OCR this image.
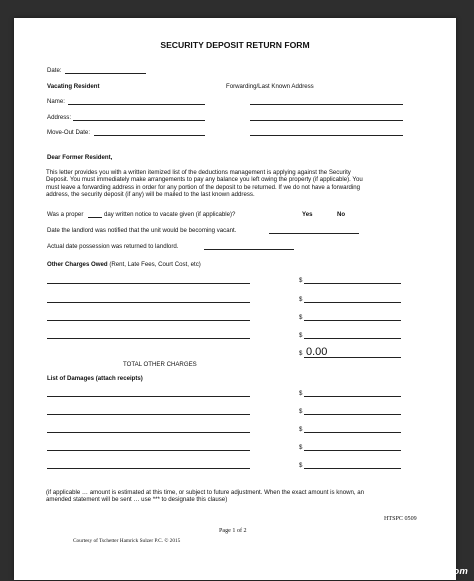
SECURITY DEPOSIT RETURN FORM
Date:
Vacating Resident	Forwarding/Last Known Address
Name:
Address:
Move-Out Date:
Dear Former Resident,
This letter provides you with a written itemized list of the deductions management is applying against the Security
Deposit. You must immediately make arrangements to pay any balance you left owing the property (if applicable). You
must leave a forwarding address in order for any portion of the deposit to be returned. If we do not have a forwarding
address, the security deposit (if any) will be mailed to the last known address.
Was a proper	day written notice to vacate given (if applicable)?	Yes	No
Date the landlord was notified that the unit would be becoming vacant.
Actual date possession was returned to landlord.
Other Charges Owed (Rent, Late Fees, Court Cost, etc)
$
$
$
$
$ 0.00
TOTAL OTHER CHARGES
List of Damages (attach receipts)
$
$
$
$
$
(if applicable … amount is estimated at this time, or subject to future adjustment. When the exact amount is known, an
amended statement will be sent … use *** to designate this clause)
HTSPC 0509
Page 1 of 2
Courtesy of Tschetter Hamrick Sulzer P.C. © 2015
HegnessEvents.com
